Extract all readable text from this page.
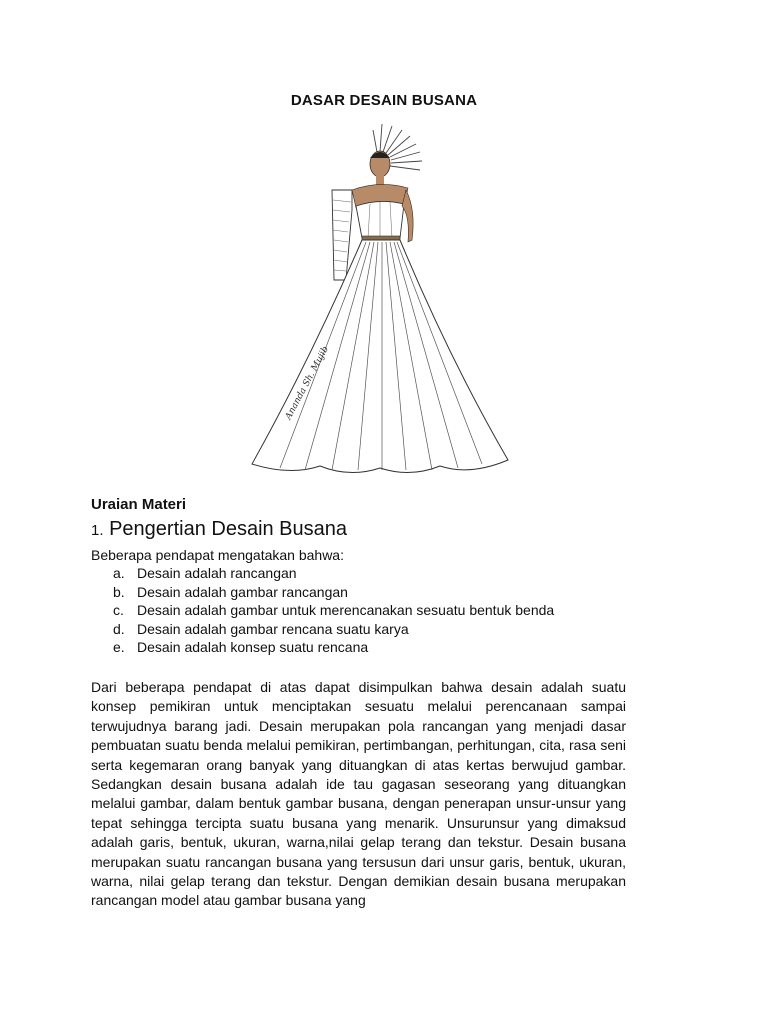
DASAR DESAIN BUSANA
Ananda Sh. Mujib
Uraian Materi
1. Pengertian Desain Busana
Beberapa pendapat mengatakan bahwa:
a. Desain adalah rancangan
b. Desain adalah gambar rancangan
c. Desain adalah gambar untuk merencanakan sesuatu bentuk benda
d. Desain adalah gambar rencana suatu karya
e. Desain adalah konsep suatu rencana

Dari beberapa pendapat di atas dapat disimpulkan bahwa desain adalah suatu konsep pemikiran untuk menciptakan sesuatu melalui perencanaan sampai terwujudnya barang jadi. Desain merupakan pola rancangan yang menjadi dasar pembuatan suatu benda melalui pemikiran, pertimbangan, perhitungan, cita, rasa seni serta kegemaran orang banyak yang dituangkan di atas kertas berwujud gambar. Sedangkan desain busana adalah ide tau gagasan seseorang yang dituangkan melalui gambar, dalam bentuk gambar busana, dengan penerapan unsur-unsur yang tepat sehingga tercipta suatu busana yang menarik. Unsurunsur yang dimaksud adalah garis, bentuk, ukuran, warna,nilai gelap terang dan tekstur. Desain busana merupakan suatu rancangan busana yang tersusun dari unsur garis, bentuk, ukuran, warna, nilai gelap terang dan tekstur. Dengan demikian desain busana merupakan rancangan model atau gambar busana yang
